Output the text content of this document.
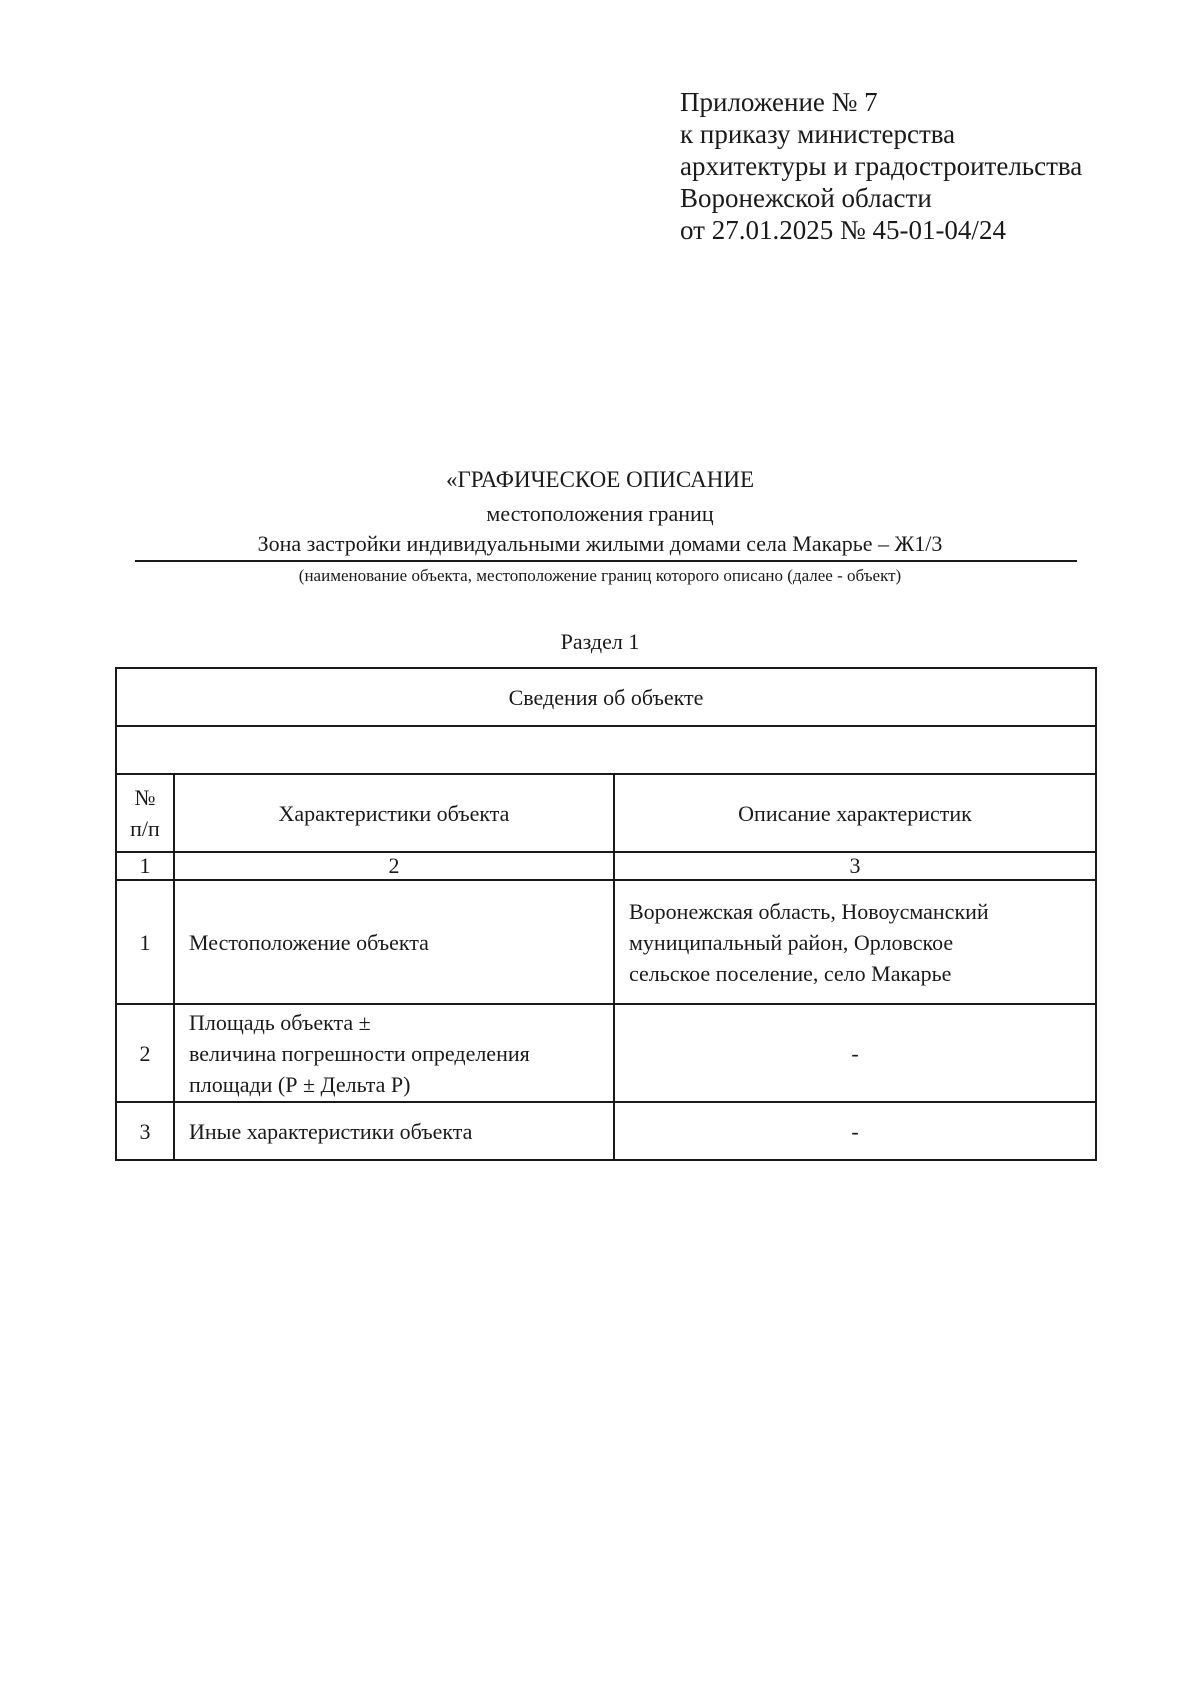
Приложение № 7
к приказу министерства
архитектуры и градостроительства
Воронежской области
от 27.01.2025 № 45-01-04/24
«ГРАФИЧЕСКОЕ ОПИСАНИЕ
местоположения границ
Зона застройки индивидуальными жилыми домами села Макарье – Ж1/3
(наименование объекта, местоположение границ которого описано (далее - объект)
Раздел 1
Сведения об объекте		

№
п/п	Характеристики объекта	Описание характеристик
1	2	3
1	Местоположение объекта	Воронежская область, Новоусманский
муниципальный район, Орловское
сельское поселение, село Макарье
2	Площадь объекта ±
величина погрешности определения
площади (Р ± Дельта Р)	-
3	Иные характеристики объекта	-
